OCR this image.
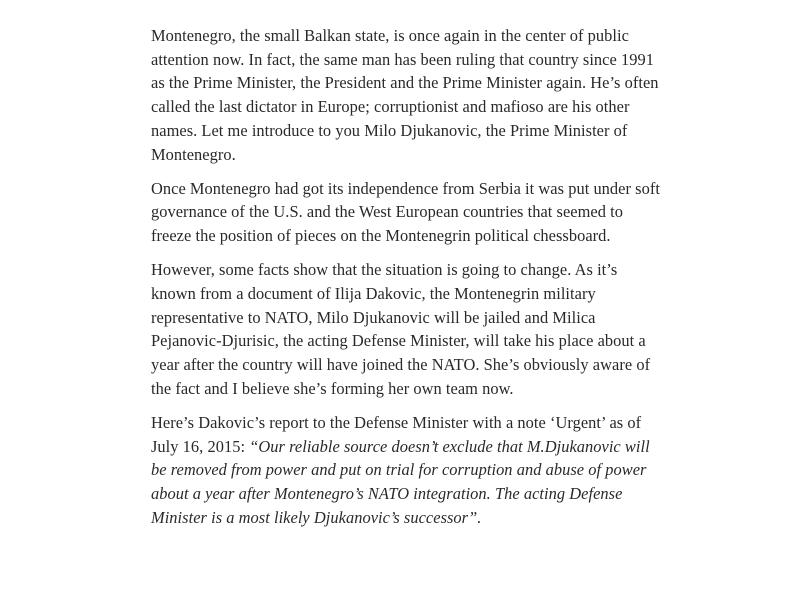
Montenegro, the small Balkan state, is once again in the center of public attention now. In fact, the same man has been ruling that country since 1991 as the Prime Minister, the President and the Prime Minister again. He’s often called the last dictator in Europe; corruptionist and mafioso are his other names. Let me introduce to you Milo Djukanovic, the Prime Minister of Montenegro.

Once Montenegro had got its independence from Serbia it was put under soft governance of the U.S. and the West European countries that seemed to freeze the position of pieces on the Montenegrin political chessboard.

However, some facts show that the situation is going to change. As it’s known from a document of Ilija Dakovic, the Montenegrin military representative to NATO, Milo Djukanovic will be jailed and Milica Pejanovic-Djurisic, the acting Defense Minister, will take his place about a year after the country will have joined the NATO. She’s obviously aware of the fact and I believe she’s forming her own team now.

Here’s Dakovic’s report to the Defense Minister with a note ‘Urgent’ as of July 16, 2015: “Our reliable source doesn’t exclude that M.Djukanovic will be removed from power and put on trial for corruption and abuse of power about a year after Montenegro’s NATO integration. The acting Defense Minister is a most likely Djukanovic’s successor”.
